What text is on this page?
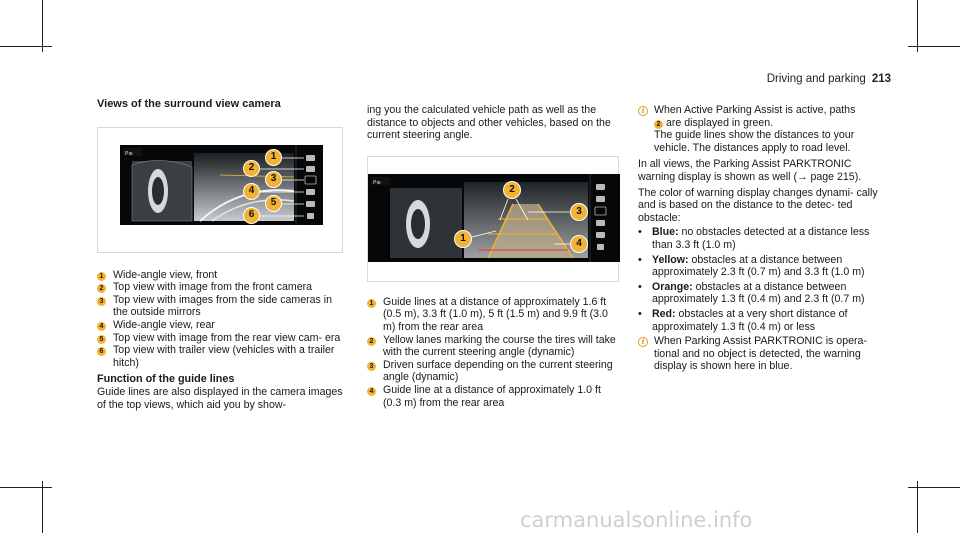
Driving and parking 213
Views of the surround view camera
P≡	1
2
3
4
5
6
1 Wide-angle view, front
2 Top view with image from the front camera
3 Top view with images from the side cameras in the outside mirrors
4 Wide-angle view, rear
5 Top view with image from the rear view cam- era
6 Top view with trailer view (vehicles with a trailer hitch)
Function of the guide lines

Guide lines are also displayed in the camera images of the top views, which aid you by show-

ing you the calculated vehicle path as well as the distance to objects and other vehicles, based on the current steering angle.

P≡
1
2
3
4
1 Guide lines at a distance of approximately 1.6 ft (0.5 m), 3.3 ft (1.0 m), 5 ft (1.5 m) and 9.9 ft (3.0 m) from the rear area
2 Yellow lanes marking the course the tires will take with the current steering angle (dynamic)
3 Driven surface depending on the current steering angle (dynamic)
4 Guide line at a distance of approximately 1.0 ft (0.3 m) from the rear area
i When Active Parking Assist is active, paths

2 are displayed in green.

The guide lines show the distances to your vehicle. The distances apply to road level.

In all views, the Parking Assist PARKTRONIC warning display is shown as well (→ page 215).

The color of warning display changes dynami- cally and is based on the distance to the detec- ted obstacle:

• Blue: no obstacles detected at a distance less than 3.3 ft (1.0 m)
• Yellow: obstacles at a distance between approximately 2.3 ft (0.7 m) and 3.3 ft (1.0 m)
• Orange: obstacles at a distance between approximately 1.3 ft (0.4 m) and 2.3 ft (0.7 m)
• Red: obstacles at a very short distance of approximately 1.3 ft (0.4 m) or less
i When Parking Assist PARKTRONIC is opera- tional and no object is detected, the warning display is shown here in blue.

carmanualsonline.info
